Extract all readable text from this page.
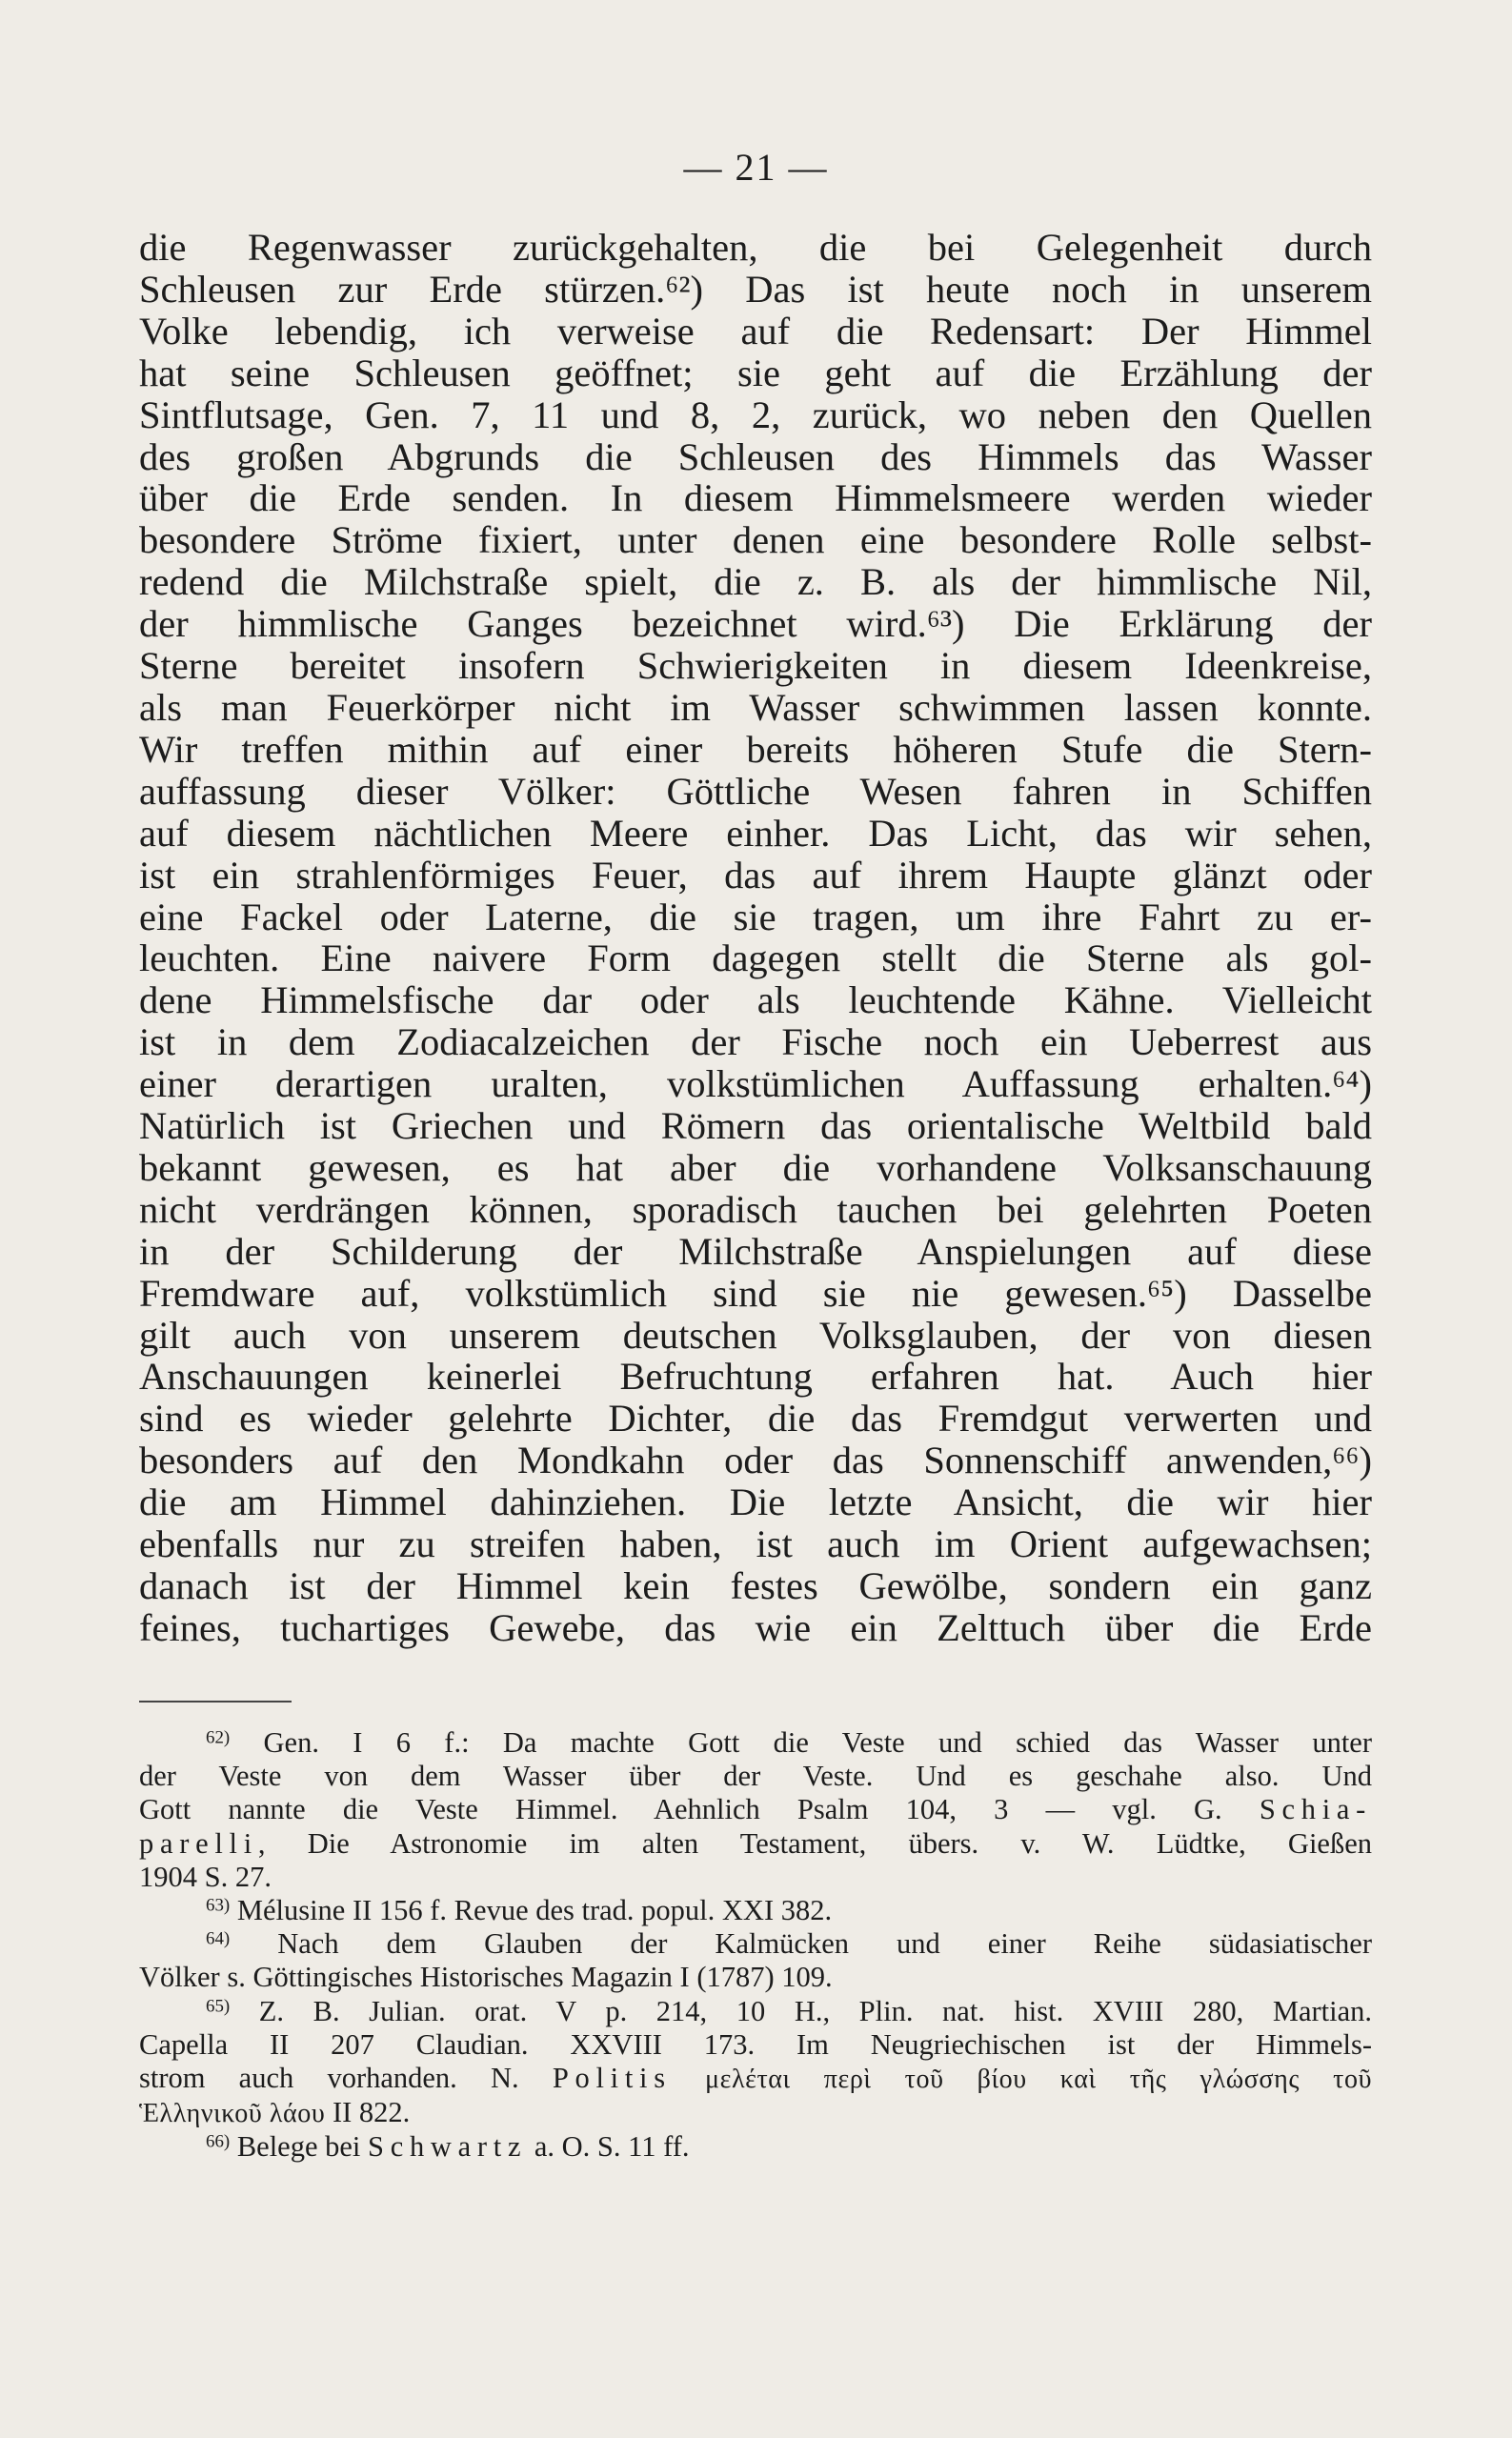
— 21 —
die Regenwasser zurückgehalten, die bei Gelegenheit durch
Schleusen zur Erde stürzen.⁶²) Das ist heute noch in unserem
Volke lebendig, ich verweise auf die Redensart: Der Himmel
hat seine Schleusen geöffnet; sie geht auf die Erzählung der
Sintflutsage, Gen. 7, 11 und 8, 2, zurück, wo neben den Quellen
des großen Abgrunds die Schleusen des Himmels das Wasser
über die Erde senden. In diesem Himmelsmeere werden wieder
besondere Ströme fixiert, unter denen eine besondere Rolle selbst-
redend die Milchstraße spielt, die z. B. als der himmlische Nil,
der himmlische Ganges bezeichnet wird.⁶³) Die Erklärung der
Sterne bereitet insofern Schwierigkeiten in diesem Ideenkreise,
als man Feuerkörper nicht im Wasser schwimmen lassen konnte.
Wir treffen mithin auf einer bereits höheren Stufe die Stern-
auffassung dieser Völker: Göttliche Wesen fahren in Schiffen
auf diesem nächtlichen Meere einher. Das Licht, das wir sehen,
ist ein strahlenförmiges Feuer, das auf ihrem Haupte glänzt oder
eine Fackel oder Laterne, die sie tragen, um ihre Fahrt zu er-
leuchten. Eine naivere Form dagegen stellt die Sterne als gol-
dene Himmelsfische dar oder als leuchtende Kähne. Vielleicht
ist in dem Zodiacalzeichen der Fische noch ein Ueberrest aus
einer derartigen uralten, volkstümlichen Auffassung erhalten.⁶⁴)
Natürlich ist Griechen und Römern das orientalische Weltbild bald
bekannt gewesen, es hat aber die vorhandene Volksanschauung
nicht verdrängen können, sporadisch tauchen bei gelehrten Poeten
in der Schilderung der Milchstraße Anspielungen auf diese
Fremdware auf, volkstümlich sind sie nie gewesen.⁶⁵) Dasselbe
gilt auch von unserem deutschen Volksglauben, der von diesen
Anschauungen keinerlei Befruchtung erfahren hat. Auch hier
sind es wieder gelehrte Dichter, die das Fremdgut verwerten und
besonders auf den Mondkahn oder das Sonnenschiff anwenden,⁶⁶)
die am Himmel dahinziehen. Die letzte Ansicht, die wir hier
ebenfalls nur zu streifen haben, ist auch im Orient aufgewachsen;
danach ist der Himmel kein festes Gewölbe, sondern ein ganz
feines, tuchartiges Gewebe, das wie ein Zelttuch über die Erde
$^{62)}$ Gen. I 6 f.: Da machte Gott die Veste und schied das Wasser unter
der Veste von dem Wasser über der Veste. Und es geschahe also. Und
Gott nannte die Veste Himmel. Aehnlich Psalm 104, 3 — vgl. G. Schia-
parelli, Die Astronomie im alten Testament, übers. v. W. Lüdtke, Gießen
1904 S. 27.
$^{63)}$ Mélusine II 156 f. Revue des trad. popul. XXI 382.
$^{64)}$ Nach dem Glauben der Kalmücken und einer Reihe südasiatischer
Völker s. Göttingisches Historisches Magazin I (1787) 109.
$^{65)}$ Z. B. Julian. orat. V p. 214, 10 H., Plin. nat. hist. XVIII 280, Martian.
Capella II 207 Claudian. XXVIII 173. Im Neugriechischen ist der Himmels-
strom auch vorhanden. N. Politis μελέται περὶ τοῦ βίου καὶ τῆς γλώσσης τοῦ
Ἑλληνικοῦ λάου II 822.
$^{66)}$ Belege bei Schwartz a. O. S. 11 ff.
